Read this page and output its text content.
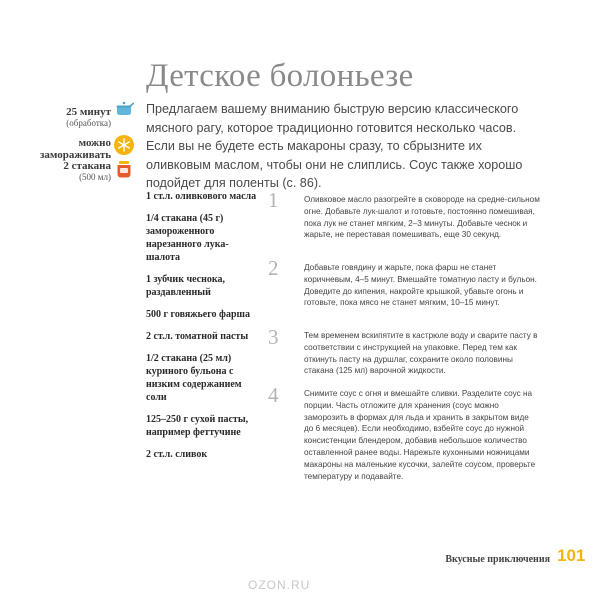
Детское болоньезе
Предлагаем вашему вниманию быструю версию классического мясного рагу, которое традиционно готовится несколько часов. Если вы не будете есть макароны сразу, то сбрызните их оливковым маслом, чтобы они не слиплись. Соус также хорошо подойдет для поленты (с. 86).
25 минут
(обработка)
можно
замораживать
2 стакана
(500 мл)
1 ст.л. оливкового масла
1/4 стакана (45 г) замороженного нарезанного лука-шалота
1 зубчик чеснока, раздавленный
500 г говяжьего фарша
2 ст.л. томатной пасты
1/2 стакана (25 мл) куриного бульона с низким содержанием соли
125–250 г сухой пасты, например феттучине
2 ст.л. сливок
1	Оливковое масло разогрейте в сковороде на средне-сильном огне. Добавьте лук-шалот и готовьте, постоянно помешивая, пока лук не станет мягким, 2–3 минуты. Добавьте чеснок и жарьте, не переставая помешивать, еще 30 секунд.
2	Добавьте говядину и жарьте, пока фарш не станет коричневым, 4–5 минут. Вмешайте томатную пасту и бульон. Доведите до кипения, накройте крышкой, убавьте огонь и готовьте, пока мясо не станет мягким, 10–15 минут.
3	Тем временем вскипятите в кастрюле воду и сварите пасту в соответствии с инструкцией на упаковке. Перед тем как откинуть пасту на дуршлаг, сохраните около половины стакана (125 мл) варочной жидкости.
4	Снимите соус с огня и вмешайте сливки. Разделите соус на порции. Часть отложите для хранения (соус можно заморозить в формах для льда и хранить в закрытом виде до 6 месяцев). Если необходимо, взбейте соус до нужной консистенции блендером, добавив небольшое количество оставленной ранее воды. Нарежьте кухонными ножницами макароны на маленькие кусочки, залейте соусом, проверьте температуру и подавайте.
Вкусные приключения 101
OZON.RU
